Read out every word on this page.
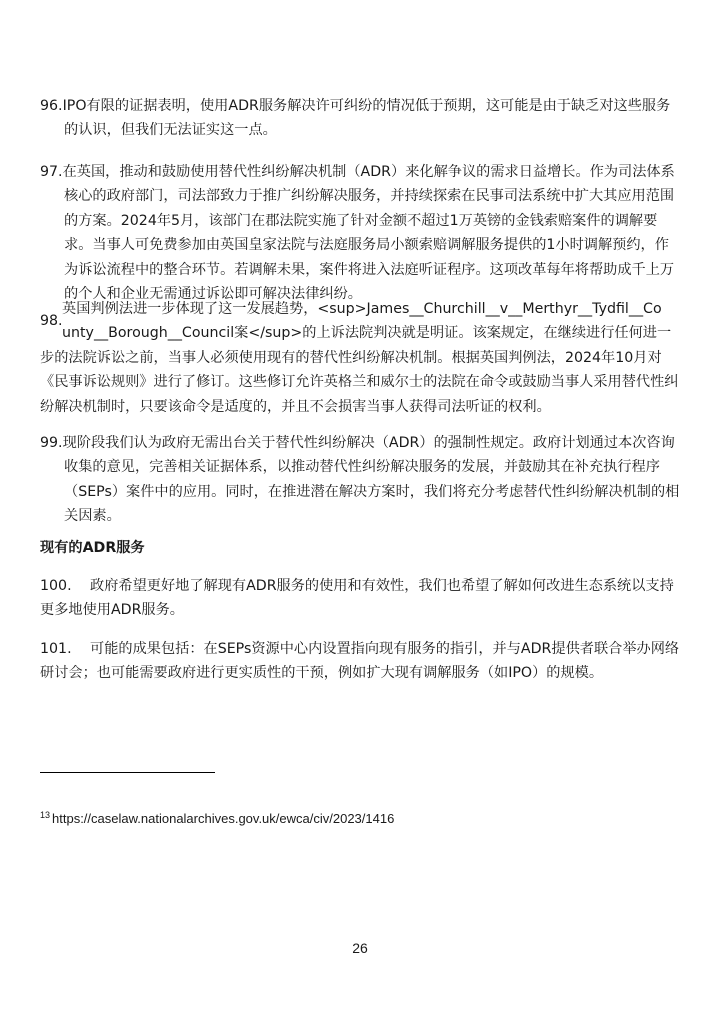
96.IPO有限的证据表明，使用ADR服务解决许可纠纷的情况低于预期，这可能是由于缺乏对这些服务的认识，但我们无法证实这一点。

97.在英国，推动和鼓励使用替代性纠纷解决机制（ADR）来化解争议的需求日益增长。作为司法体系核心的政府部门，司法部致力于推广纠纷解决服务，并持续探索在民事司法系统中扩大其应用范围的方案。2024年5月，该部门在郡法院实施了针对金额不超过1万英镑的金钱索赔案件的调解要求。当事人可免费参加由英国皇家法院与法庭服务局小额索赔调解服务提供的1小时调解预约，作为诉讼流程中的整合环节。若调解未果，案件将进入法庭听证程序。这项改革每年将帮助成千上万的个人和企业无需通过诉讼即可解决法律纠纷。

98.

英国判例法进一步体现了这一发展趋势，<sup>James__Churchill__v__Merthyr__Tydfil__Co
unty__Borough__Council案</sup>的上诉法院判决就是明证。该案规定，在继续进行任何进一

步的法院诉讼之前，当事人必须使用现有的替代性纠纷解决机制。根据英国判例法，2024年10月对《民事诉讼规则》进行了修订。这些修订允许英格兰和威尔士的法院在命令或鼓励当事人采用替代性纠纷解决机制时，只要该命令是适度的，并且不会损害当事人获得司法听证的权利。

99.现阶段我们认为政府无需出台关于替代性纠纷解决（ADR）的强制性规定。政府计划通过本次咨询收集的意见，完善相关证据体系，以推动替代性纠纷解决服务的发展，并鼓励其在补充执行程序（SEPs）案件中的应用。同时，在推进潜在解决方案时，我们将充分考虑替代性纠纷解决机制的相关因素。

现有的ADR服务

100. 政府希望更好地了解现有ADR服务的使用和有效性，我们也希望了解如何改进生态系统以支持更多地使用ADR服务。

101. 可能的成果包括：在SEPs资源中心内设置指向现有服务的指引，并与ADR提供者联合举办网络研讨会；也可能需要政府进行更实质性的干预，例如扩大现有调解服务（如IPO）的规模。

$^{13}$ https://caselaw.nationalarchives.gov.uk/ewca/civ/2023/1416

26
